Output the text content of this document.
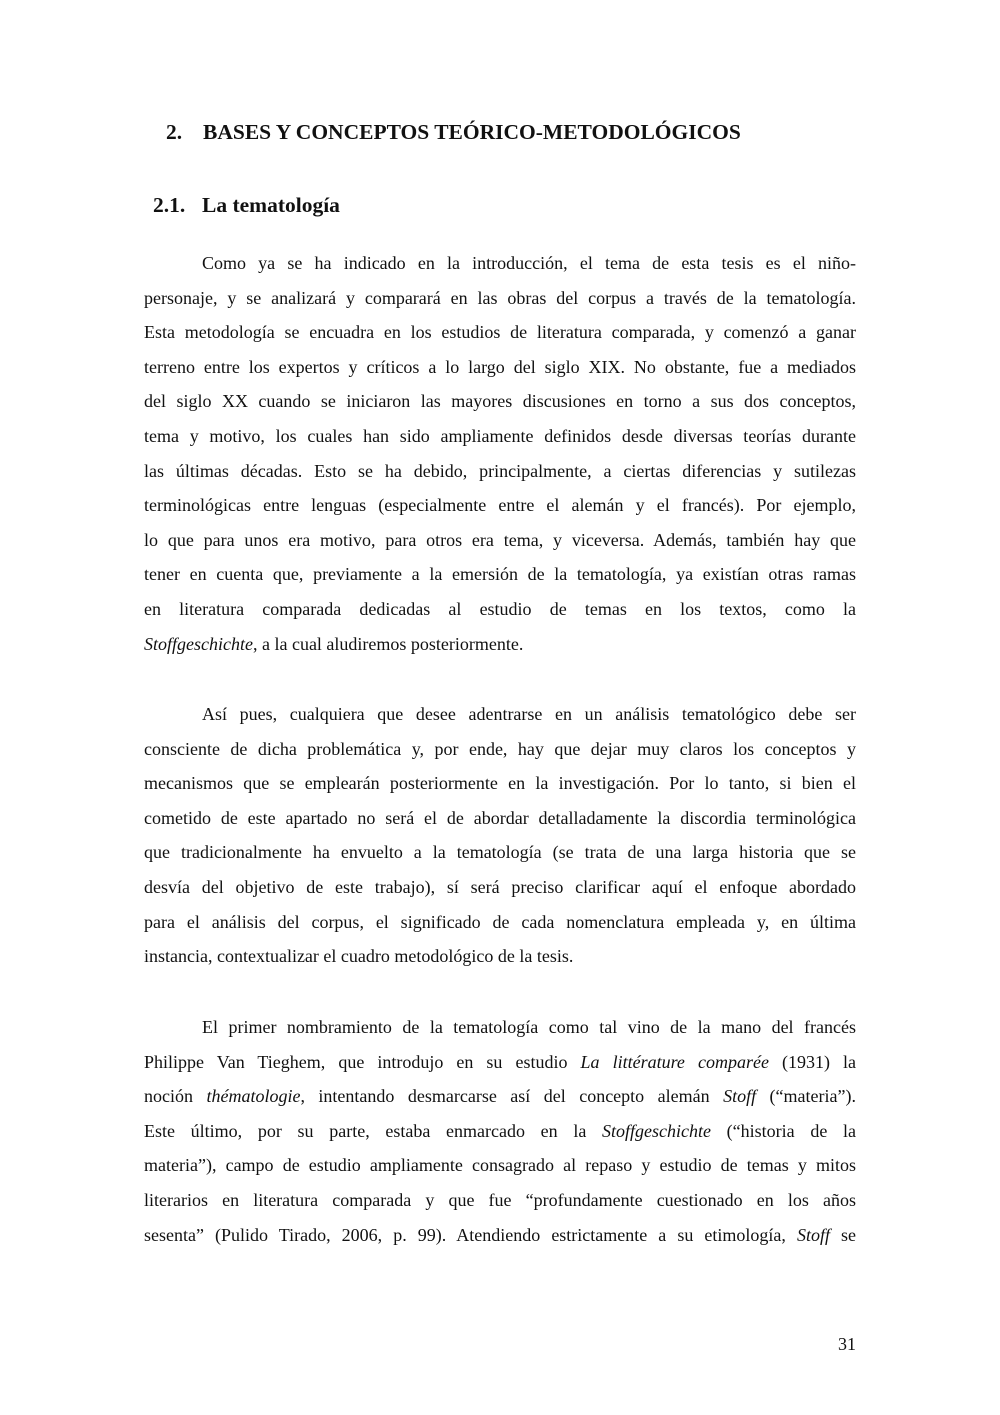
2. BASES Y CONCEPTOS TEÓRICO-METODOLÓGICOS
2.1. La tematología
Como ya se ha indicado en la introducción, el tema de esta tesis es el niño-
personaje, y se analizará y comparará en las obras del corpus a través de la tematología.
Esta metodología se encuadra en los estudios de literatura comparada, y comenzó a ganar
terreno entre los expertos y críticos a lo largo del siglo XIX. No obstante, fue a mediados
del siglo XX cuando se iniciaron las mayores discusiones en torno a sus dos conceptos,
tema y motivo, los cuales han sido ampliamente definidos desde diversas teorías durante
las últimas décadas. Esto se ha debido, principalmente, a ciertas diferencias y sutilezas
terminológicas entre lenguas (especialmente entre el alemán y el francés). Por ejemplo,
lo que para unos era motivo, para otros era tema, y viceversa. Además, también hay que
tener en cuenta que, previamente a la emersión de la tematología, ya existían otras ramas
en literatura comparada dedicadas al estudio de temas en los textos, como la
Stoffgeschichte, a la cual aludiremos posteriormente.
Así pues, cualquiera que desee adentrarse en un análisis tematológico debe ser
consciente de dicha problemática y, por ende, hay que dejar muy claros los conceptos y
mecanismos que se emplearán posteriormente en la investigación. Por lo tanto, si bien el
cometido de este apartado no será el de abordar detalladamente la discordia terminológica
que tradicionalmente ha envuelto a la tematología (se trata de una larga historia que se
desvía del objetivo de este trabajo), sí será preciso clarificar aquí el enfoque abordado
para el análisis del corpus, el significado de cada nomenclatura empleada y, en última
instancia, contextualizar el cuadro metodológico de la tesis.
El primer nombramiento de la tematología como tal vino de la mano del francés
Philippe Van Tieghem, que introdujo en su estudio La littérature comparée (1931) la
noción thématologie, intentando desmarcarse así del concepto alemán Stoff (“materia”).
Este último, por su parte, estaba enmarcado en la Stoffgeschichte (“historia de la
materia”), campo de estudio ampliamente consagrado al repaso y estudio de temas y mitos
literarios en literatura comparada y que fue “profundamente cuestionado en los años
sesenta” (Pulido Tirado, 2006, p. 99). Atendiendo estrictamente a su etimología, Stoff se
31
